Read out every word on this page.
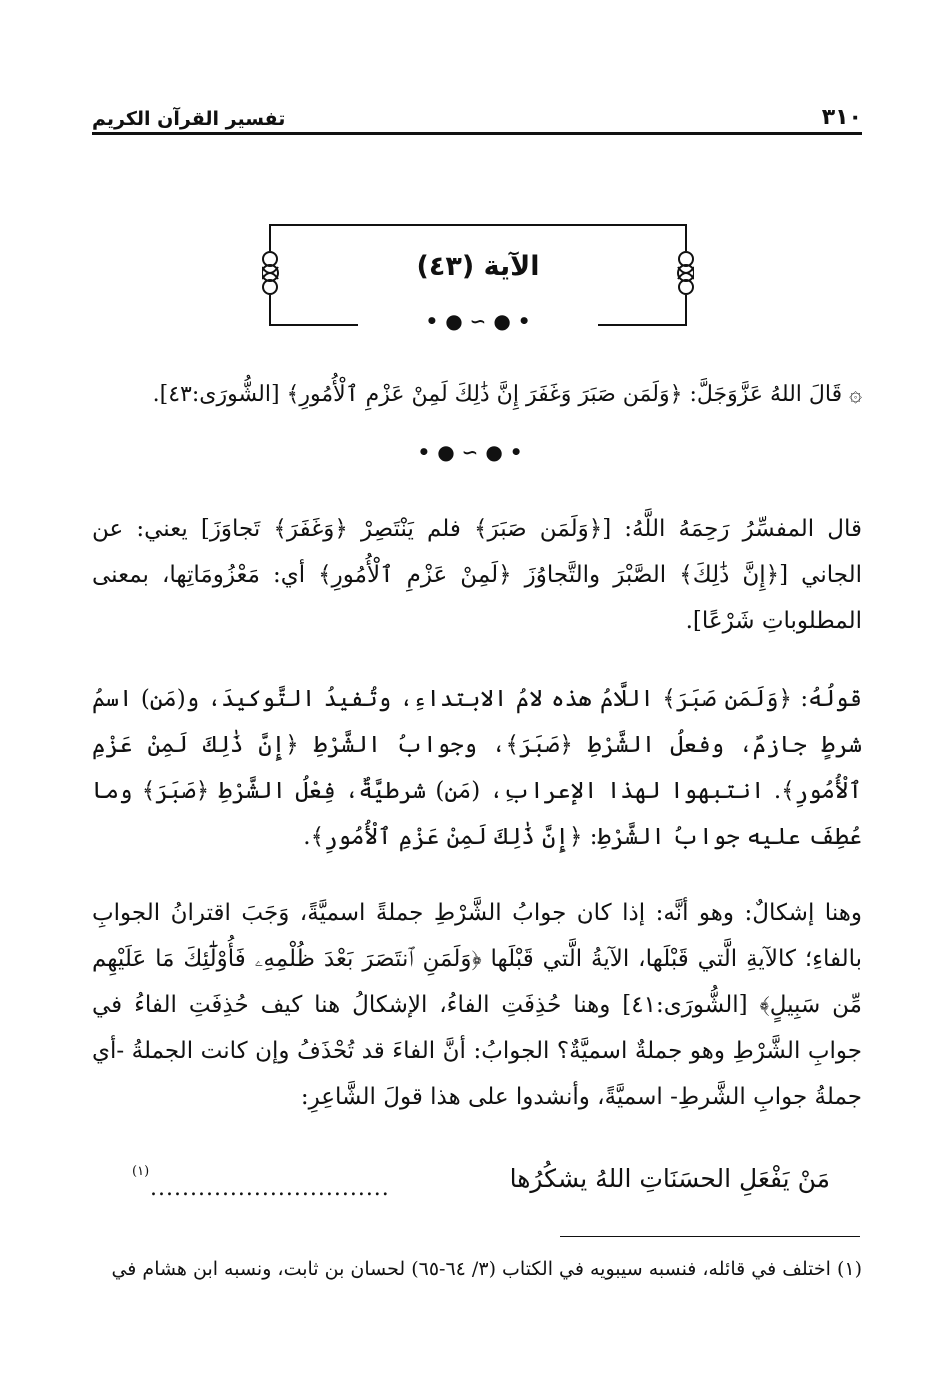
٣١٠
تفسير القرآن الكريم
الآية (٤٣)
• ● ∽ ● •
۞ قَالَ اللهُ عَزَّوَجَلَّ: ﴿وَلَمَن صَبَرَ وَغَفَرَ إِنَّ ذَٰلِكَ لَمِنْ عَزْمِ ٱلْأُمُورِ﴾ [الشُّورَى:٤٣].
• ● ∽ ● •
قال المفسِّرُ رَحِمَهُ اللَّهُ: [﴿وَلَمَن صَبَرَ﴾ فلم يَنْتَصِرْ ﴿وَغَفَرَ﴾ تَجاوَزَ] يعني: عن الجاني [﴿إِنَّ ذَٰلِكَ﴾ الصَّبْرَ والتَّجاوُزَ ﴿لَمِنْ عَزْمِ ٱلْأُمُورِ﴾ أي: مَعْزُومَاتِها، بمعنى المطلوباتِ شَرْعًا].
قولُهُ: ﴿وَلَمَن صَبَرَ﴾ اللَّامُ هذه لامُ الابتداءِ، وتُفيدُ التَّوكيدَ، و(مَن) اسمُ شرطٍ جازمٌ، وفعلُ الشَّرْطِ ﴿صَبَرَ﴾، وجوابُ الشَّرْطِ ﴿إِنَّ ذَٰلِكَ لَمِنْ عَزْمِ ٱلْأُمُورِ﴾. انتبهوا لهذا الإعرابِ، (مَن) شرطيَّةٌ، فِعْلُ الشَّرْطِ ﴿صَبَرَ﴾ وما عُطِفَ عليه جوابُ الشَّرْطِ: ﴿إِنَّ ذَٰلِكَ لَمِنْ عَزْمِ ٱلْأُمُورِ﴾.
وهنا إشكالٌ: وهو أنَّه: إذا كان جوابُ الشَّرْطِ جملةً اسميَّةً، وَجَبَ اقترانُ الجوابِ بالفاءِ؛ كالآيةِ الَّتي قَبْلَها، الآيةُ الَّتي قَبْلَها ﴿وَلَمَنِ ٱنتَصَرَ بَعْدَ ظُلْمِهِۦ فَأُوْلَٰٓئِكَ مَا عَلَيْهِم مِّن سَبِيلٍ﴾ [الشُّورَى:٤١] وهنا حُذِفَتِ الفاءُ، الإشكالُ هنا كيف حُذِفَتِ الفاءُ في جوابِ الشَّرْطِ وهو جملةٌ اسميَّةٌ؟ الجوابُ: أنَّ الفاءَ قد تُحْذَفُ وإن كانت الجملةُ -أي جملةُ جوابِ الشَّرطِ- اسميَّةً، وأنشدوا على هذا قولَ الشَّاعِرِ:
مَنْ يَفْعَلِ الحسَنَاتِ اللهُ يشكُرُها
..............................
(١)
(١) اختلف في قائله، فنسبه سيبويه في الكتاب (٣/ ٦٤-٦٥) لحسان بن ثابت، ونسبه ابن هشام في
